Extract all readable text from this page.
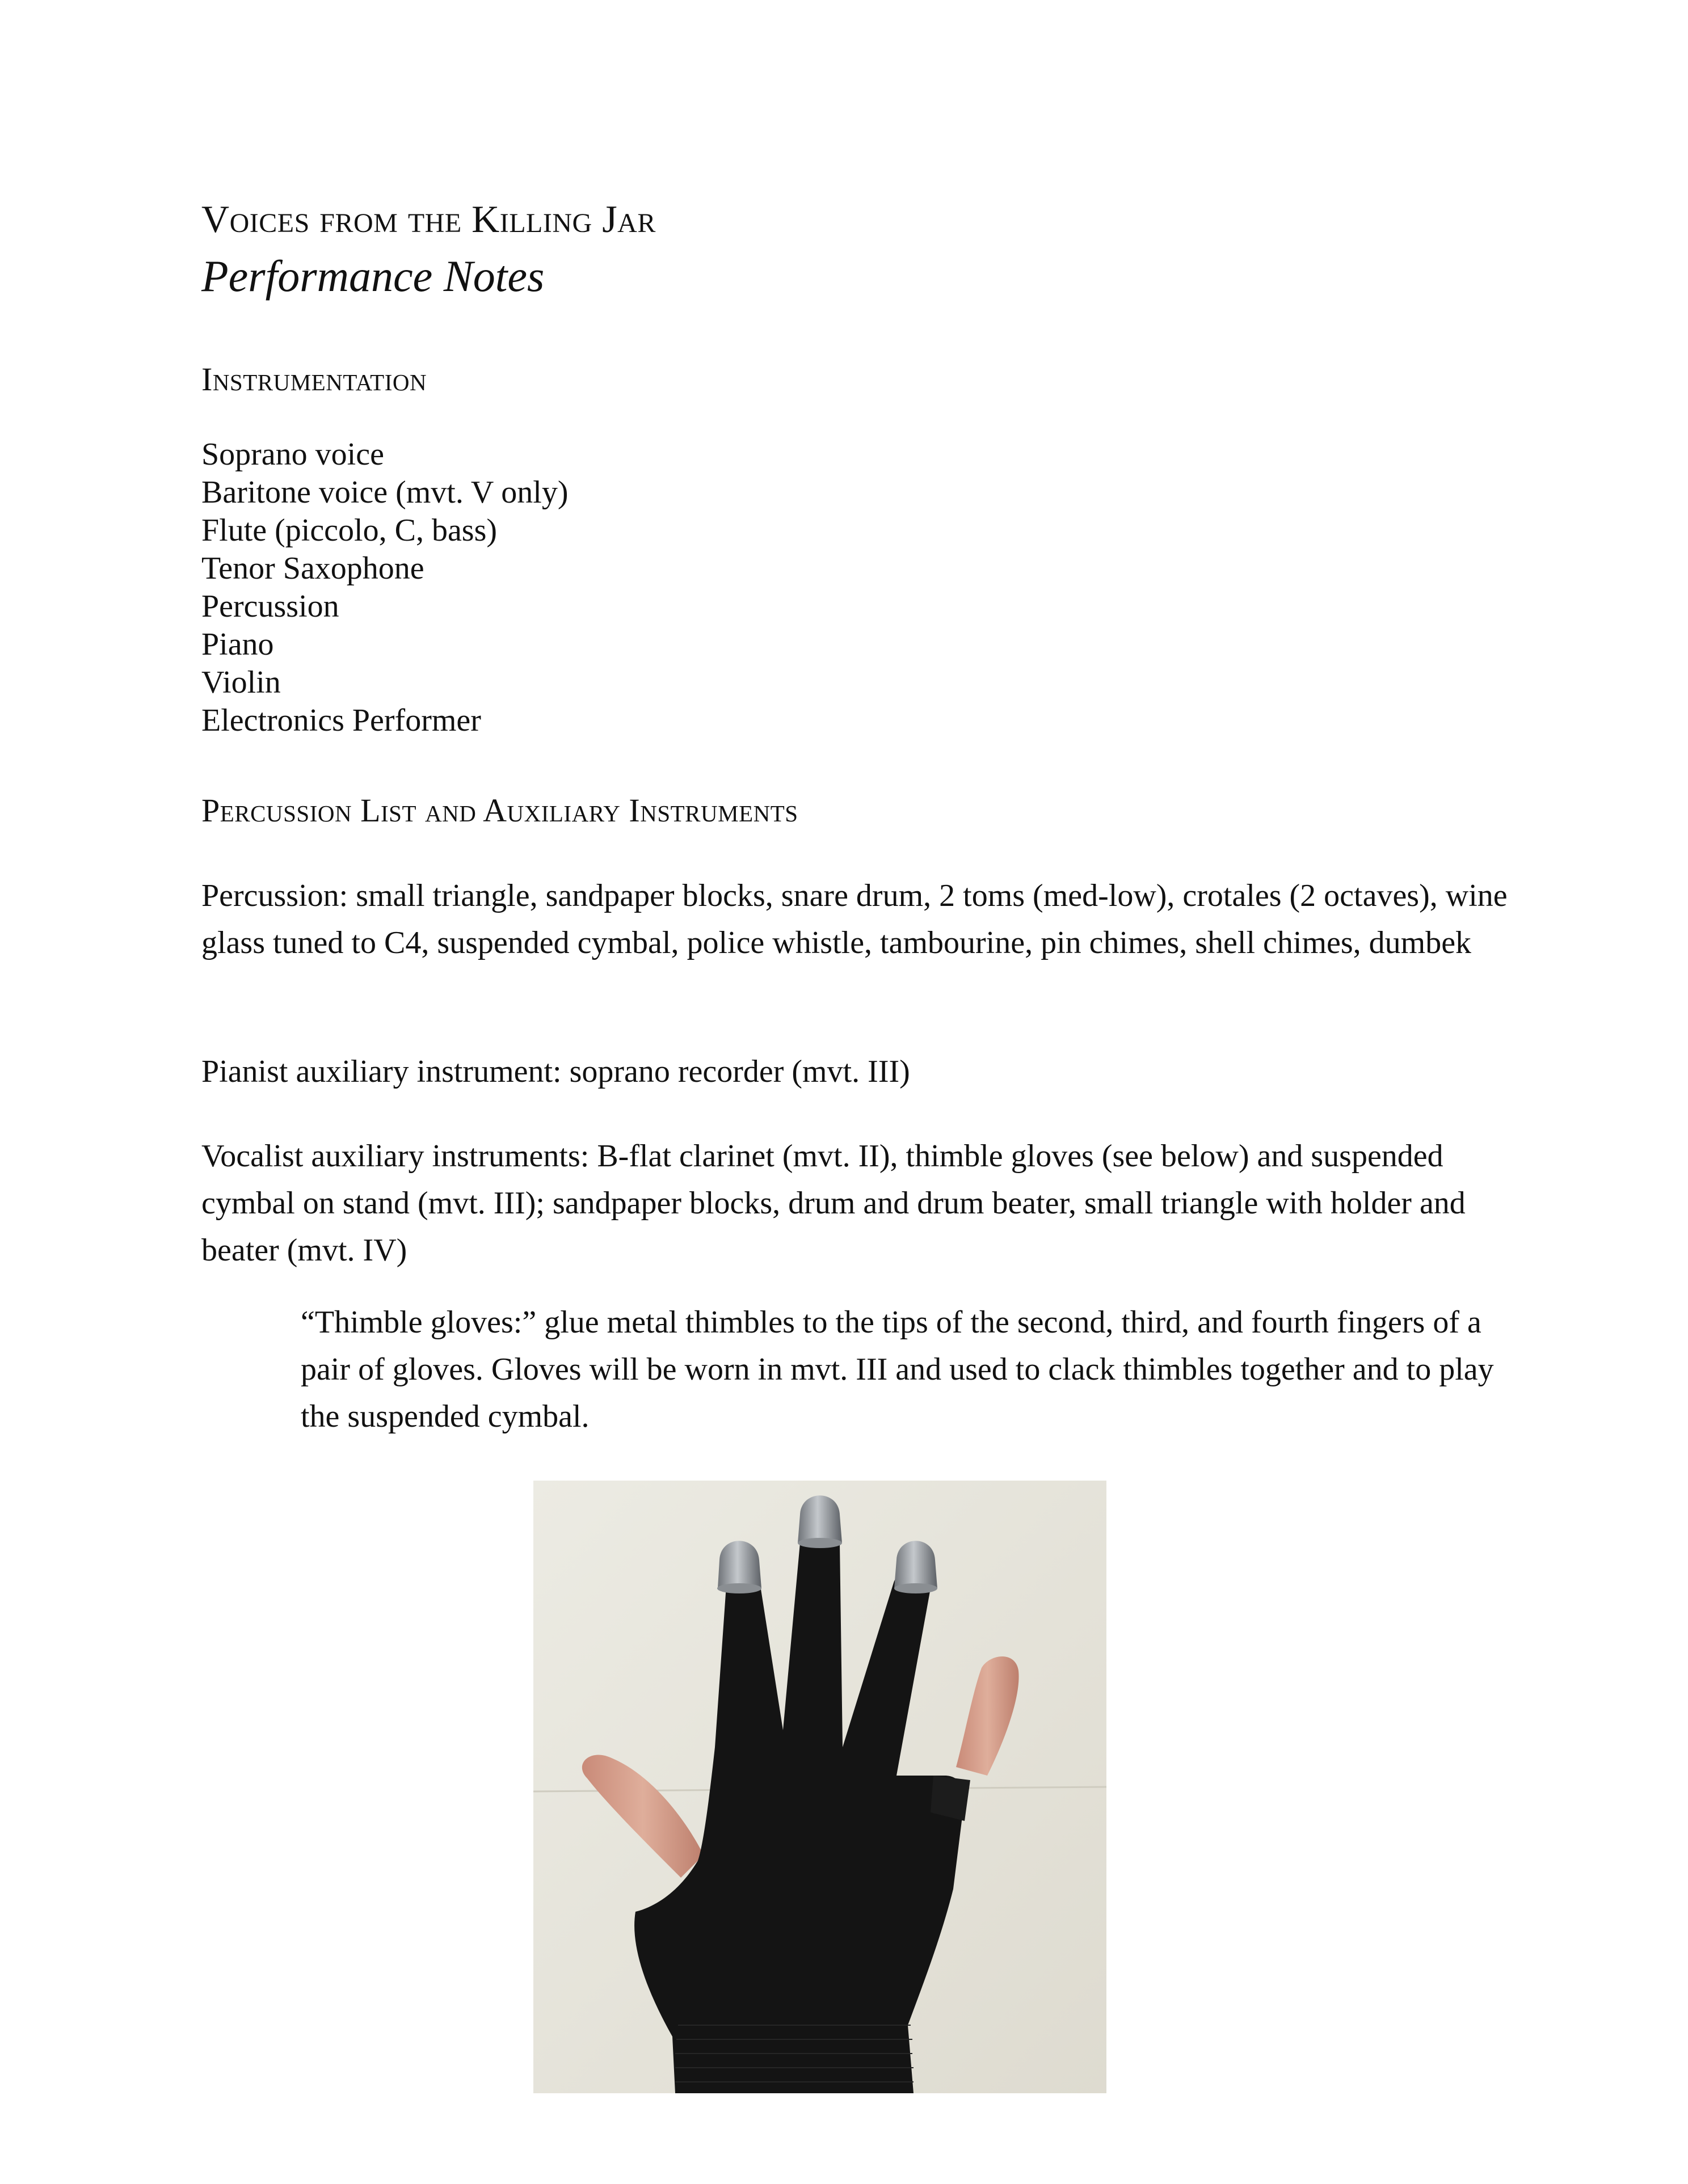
Voices from the Killing Jar
Performance Notes
Instrumentation
Soprano voice
Baritone voice (mvt. V only)
Flute (piccolo, C, bass)
Tenor Saxophone
Percussion
Piano
Violin
Electronics Performer
Percussion List and Auxiliary Instruments

Percussion: small triangle, sandpaper blocks, snare drum, 2 toms (med-low), crotales (2 octaves), wine glass tuned to C4, suspended cymbal, police whistle, tambourine, pin chimes, shell chimes, dumbek

Pianist auxiliary instrument: soprano recorder (mvt. III)

Vocalist auxiliary instruments: B-flat clarinet (mvt. II), thimble gloves (see below) and suspended cymbal on stand (mvt. III); sandpaper blocks, drum and drum beater, small triangle with holder and beater (mvt. IV)

“Thimble gloves:” glue metal thimbles to the tips of the second, third, and fourth fingers of a pair of gloves. Gloves will be worn in mvt. III and used to clack thimbles together and to play the suspended cymbal.
